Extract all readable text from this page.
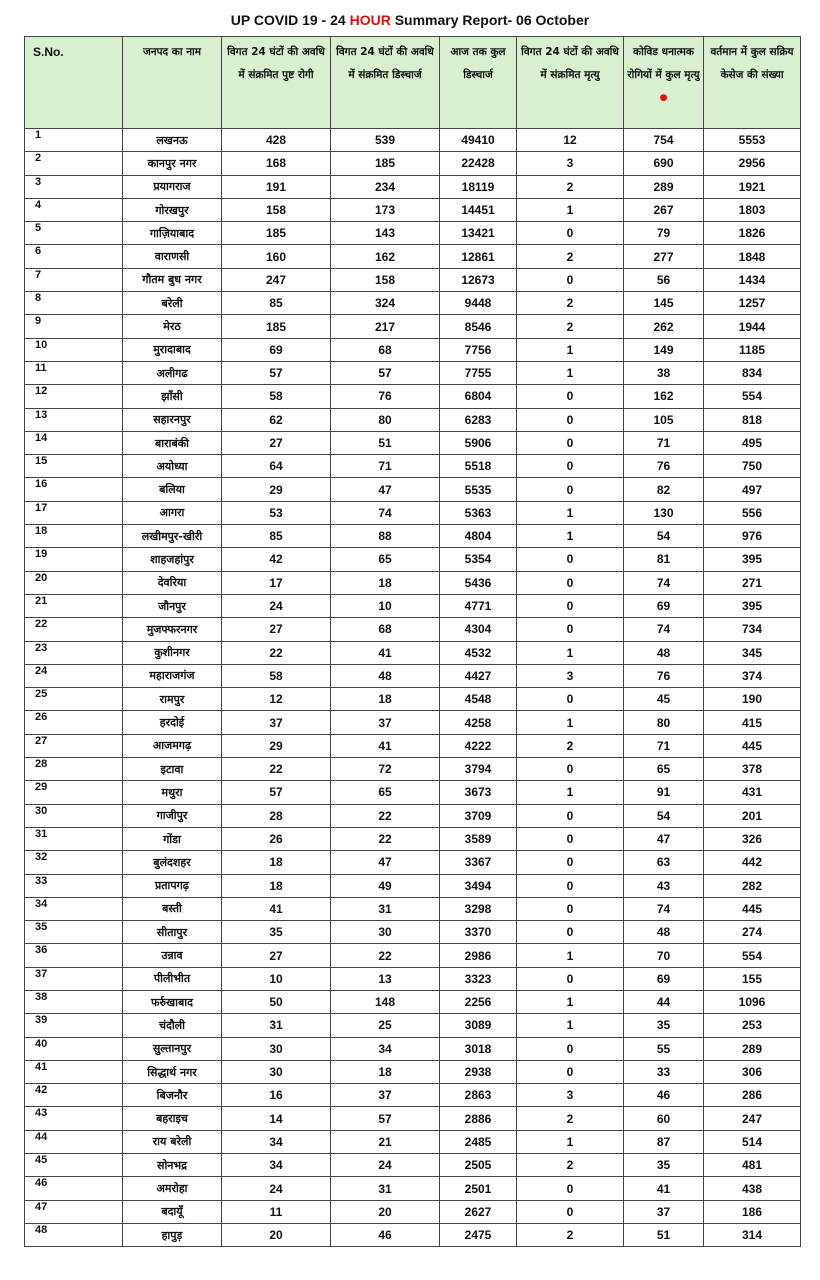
UP COVID 19 - 24 HOUR Summary Report- 06 October
S.No.	जनपद का नाम	विगत 24 घंटों की अवधि में संक्रमित पुष्ट रोगी	विगत 24 घंटों की अवधि में संक्रमित डिस्चार्ज	आज तक कुल डिस्चार्ज	विगत 24 घंटों की अवधि में संक्रमित मृत्यु	कोविड धनात्मक रोगियों में कुल मृत्यु ●	वर्तमान में कुल सक्रिय केसेज की संख्या
1	लखनऊ	428	539	49410	12	754	5553
2	कानपुर नगर	168	185	22428	3	690	2956
3	प्रयागराज	191	234	18119	2	289	1921
4	गोरखपुर	158	173	14451	1	267	1803
5	गाज़ियाबाद	185	143	13421	0	79	1826
6	वाराणसी	160	162	12861	2	277	1848
7	गौतम बुध नगर	247	158	12673	0	56	1434
8	बरेली	85	324	9448	2	145	1257
9	मेरठ	185	217	8546	2	262	1944
10	मुरादाबाद	69	68	7756	1	149	1185
11	अलीगढ	57	57	7755	1	38	834
12	झाँसी	58	76	6804	0	162	554
13	सहारनपुर	62	80	6283	0	105	818
14	बाराबंकी	27	51	5906	0	71	495
15	अयोध्या	64	71	5518	0	76	750
16	बलिया	29	47	5535	0	82	497
17	आगरा	53	74	5363	1	130	556
18	लखीमपुर-खीरी	85	88	4804	1	54	976
19	शाहजहांपुर	42	65	5354	0	81	395
20	देवरिया	17	18	5436	0	74	271
21	जौनपुर	24	10	4771	0	69	395
22	मुजफ्फरनगर	27	68	4304	0	74	734
23	कुशीनगर	22	41	4532	1	48	345
24	महाराजगंज	58	48	4427	3	76	374
25	रामपुर	12	18	4548	0	45	190
26	हरदोई	37	37	4258	1	80	415
27	आजमगढ़	29	41	4222	2	71	445
28	इटावा	22	72	3794	0	65	378
29	मथुरा	57	65	3673	1	91	431
30	गाजीपुर	28	22	3709	0	54	201
31	गोंडा	26	22	3589	0	47	326
32	बुलंदशहर	18	47	3367	0	63	442
33	प्रतापगढ़	18	49	3494	0	43	282
34	बस्ती	41	31	3298	0	74	445
35	सीतापुर	35	30	3370	0	48	274
36	उन्नाव	27	22	2986	1	70	554
37	पीलीभीत	10	13	3323	0	69	155
38	फर्रुखाबाद	50	148	2256	1	44	1096
39	चंदौली	31	25	3089	1	35	253
40	सुल्तानपुर	30	34	3018	0	55	289
41	सिद्धार्थ नगर	30	18	2938	0	33	306
42	बिजनौर	16	37	2863	3	46	286
43	बहराइच	14	57	2886	2	60	247
44	राय बरेली	34	21	2485	1	87	514
45	सोनभद्र	34	24	2505	2	35	481
46	अमरोहा	24	31	2501	0	41	438
47	बदायूँ	11	20	2627	0	37	186
48	हापुड़	20	46	2475	2	51	314
